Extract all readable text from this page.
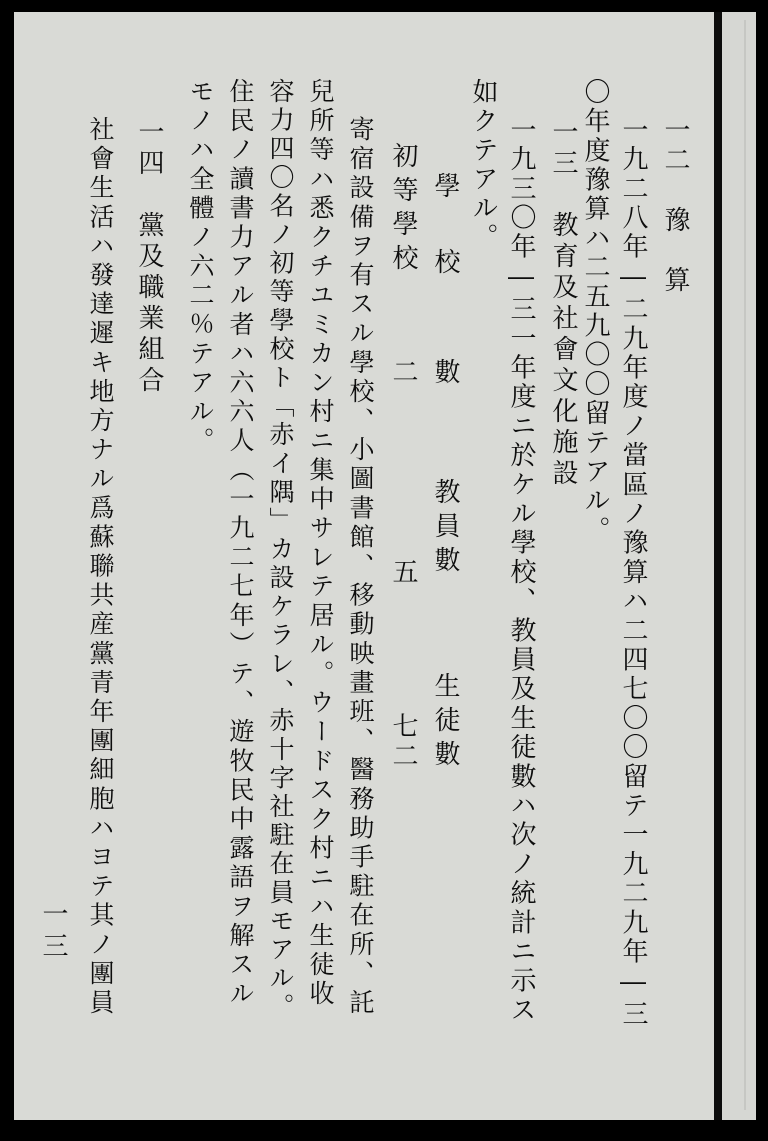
一二　豫　算
一九二八年―二九年度ノ當區ノ豫算ハ二四七〇〇留テ一九二九年―三
〇年度豫算ハ二五九〇〇留テアル。
一三　教育及社會文化施設
一九三〇年―三一年度ニ於ケル學校、教員及生徒數ハ次ノ統計ニ示ス
如クテアル。
學　校
數
教員數
生徒數
初等學校
二
五
七二
寄宿設備ヲ有スル學校、小圖書館、移動映畫班、醫務助手駐在所、託
兒所等ハ悉クチユミカン村ニ集中サレテ居ル。ウードスク村ニハ生徒收
容力四〇名ノ初等學校ト「赤イ隅」カ設ケラレ、赤十字社駐在員モアル。
住民ノ讀書力アル者ハ六六人（一九二七年）テ、遊牧民中露語ヲ解スル
モノハ全體ノ六二％テアル。
一四　黨及職業組合
社會生活ハ發達遲キ地方ナル爲蘇聯共産黨青年團細胞ハヨテ其ノ團員
一三
